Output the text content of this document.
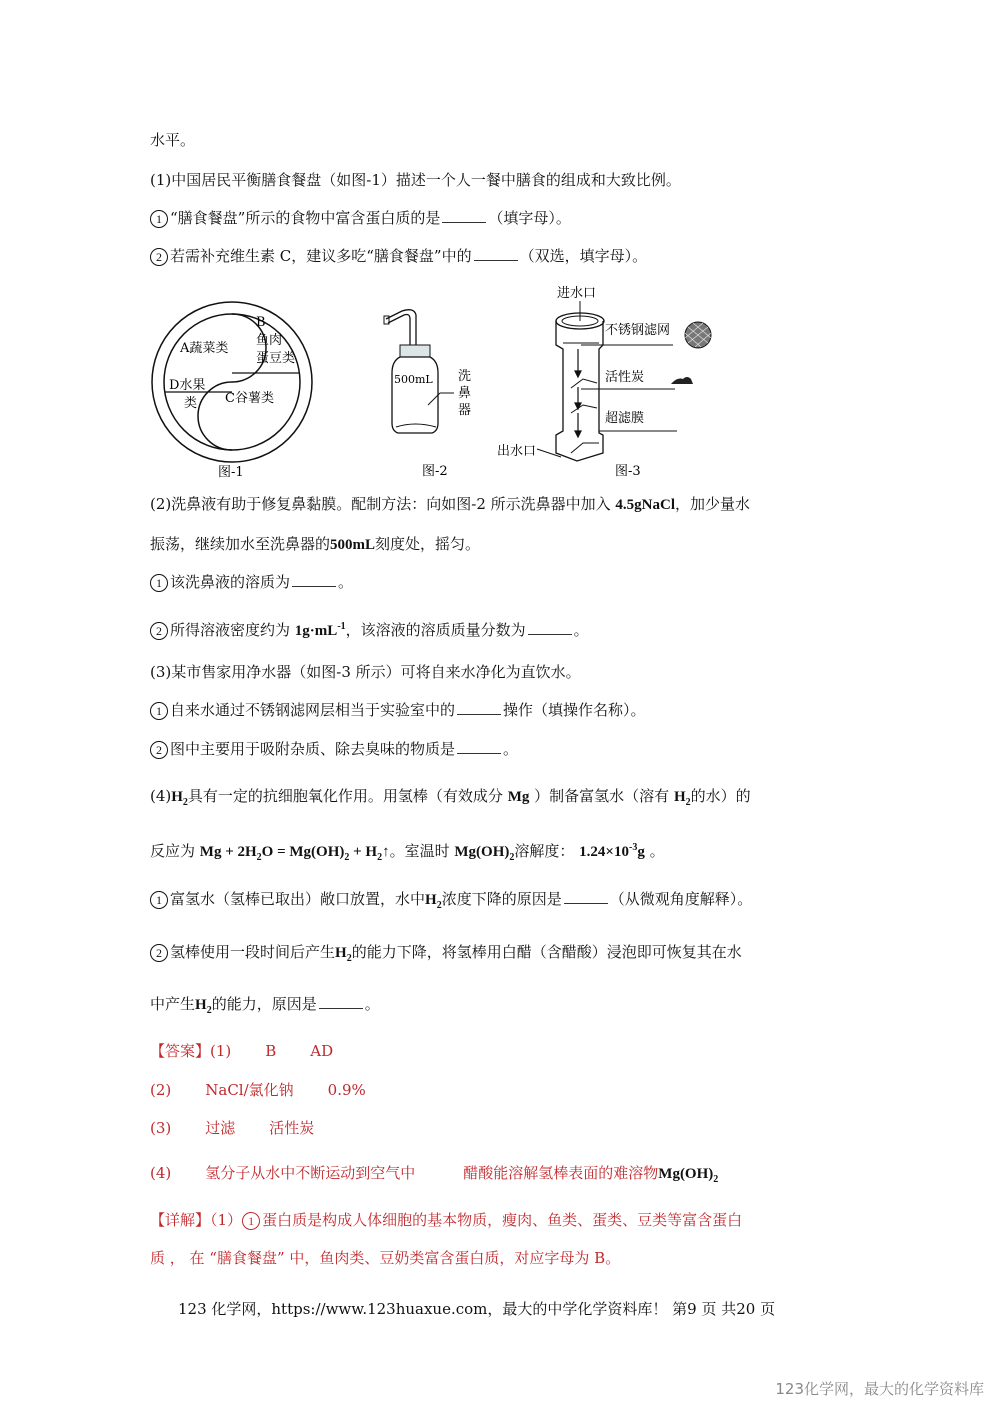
水平。
(1)中国居民平衡膳食餐盘（如图-1）描述一个人一餐中膳食的组成和大致比例。
1 “膳食餐盘”所示的食物中富含蛋白质的是	（填字母）。
2 若需补充维生素 C，建议多吃“膳食餐盘”中的	（双选，填字母）。
A蔬菜类
B
鱼肉
蛋豆类
C谷薯类
D水果
类
图-1
500mL 洗
鼻
器
图-2
进水口
不锈钢滤网
活性炭
超滤膜
出水口
图-3
(2)洗鼻液有助于修复鼻黏膜。配制方法：向如图-2 所示洗鼻器中加入 4.5gNaCl，加少量水
振荡，继续加水至洗鼻器的500mL刻度处，摇匀。
1 该洗鼻液的溶质为	。
2 所得溶液密度约为 $1g\cdot mL^{-1}$，该溶液的溶质质量分数为	。
(3)某市售家用净水器（如图-3 所示）可将自来水净化为直饮水。
1 自来水通过不锈钢滤网层相当于实验室中的	操作（填操作名称）。
2 图中主要用于吸附杂质、除去臭味的物质是	。
$(4)H_2$具有一定的抗细胞氧化作用。用氢棒（有效成分 Mg ）制备富氢水（溶有 $H_2$的水）的
反应为 $Mg + 2H_2O = Mg(OH)_2$ + $H_2↑$。室温时 $Mg(OH)_2$溶解度： $1.24\times 10^{-3}g$ 。
1 富氢水（氢棒已取出）敞口放置，水中$H_2$浓度下降的原因是	（从微观角度解释）。
2 氢棒使用一段时间后产生$H_2$的能力下降，将氢棒用白醋（含醋酸）浸泡即可恢复其在水
中产生$H_2$的能力，原因是	。
【答案】(1) B AD
(2) NaCl/氯化钠 0.9%
(3) 过滤 活性炭
(4) 氢分子从水中不断运动到空气中	醋酸能溶解氢棒表面的难溶物$Mg(OH)_2$
【详解】（1） 1 蛋白质是构成人体细胞的基本物质，瘦肉、鱼类、蛋类、豆类等富含蛋白
质 ， 在 “膳食餐盘” 中，鱼肉类、豆奶类富含蛋白质，对应字母为 B。
123 化学网，https://www.123huaxue.com，最大的中学化学资料库！ 第9 页 共20 页
123化学网，最大的化学资料库
